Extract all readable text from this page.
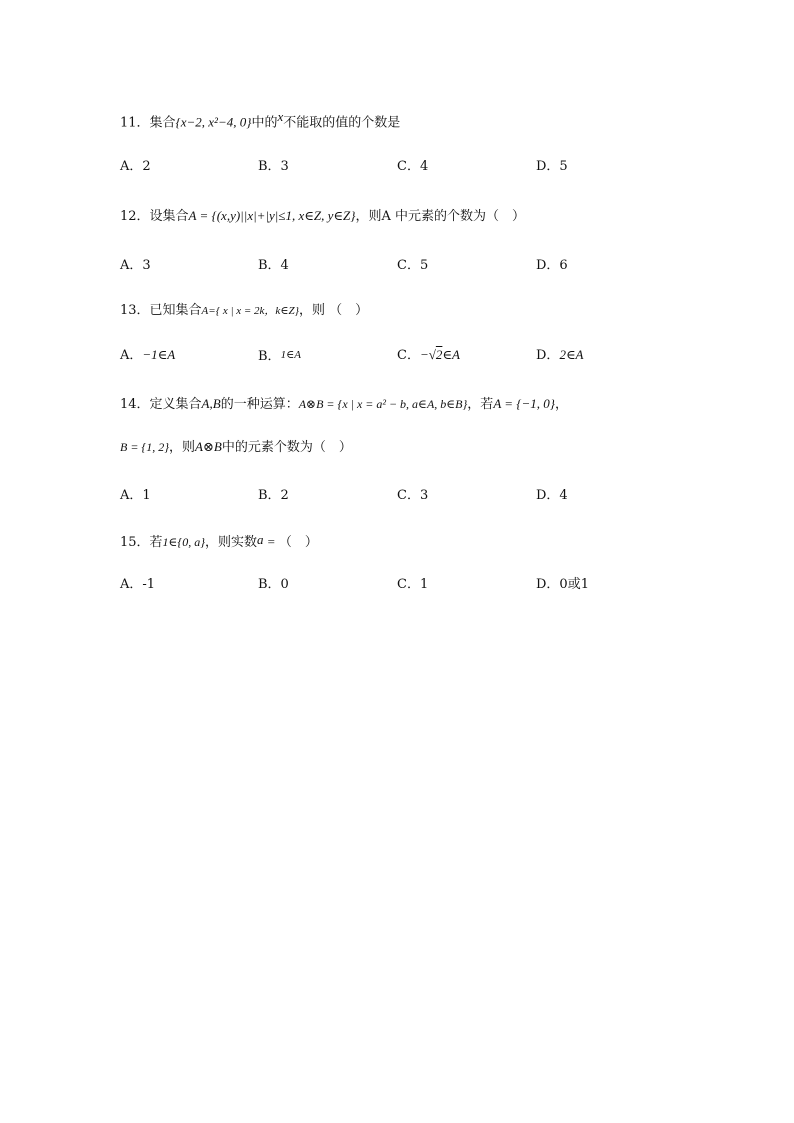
11．集合{x−2, x²−4, 0}中的$^x$不能取的值的个数是
A．2	B．3	C．4	D．5
12．设集合A = {(x,y)||x|+|y|≤1, x∈Z, y∈Z}，则A 中元素的个数为（　）
A．3	B．4	C．5	D．6
13．已知集合A={ x | x = 2k，k∈Z}，则 （　）
A．−1∈A	B．1∈A	C．−√2∈A	D．2∈A
14．定义集合A,B的一种运算：A⊗B = {x | x = a² − b, a∈A, b∈B}，若A = {−1, 0}，
B = {1, 2}，则A⊗B中的元素个数为（　）
A．1	B．2	C．3	D．4
15．若1∈{0, a}，则实数a = （　）
A．-1	B．0	C．1	D．0或1
